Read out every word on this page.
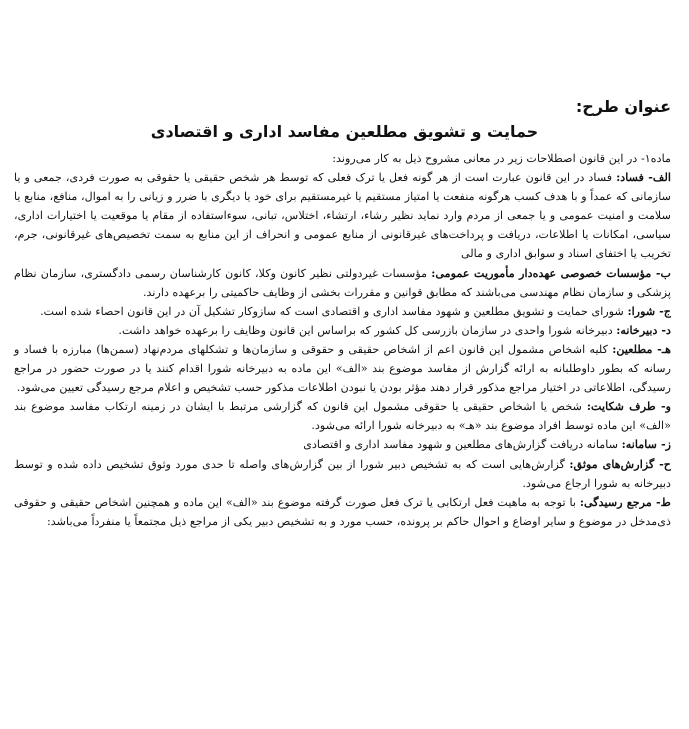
عنوان طرح:
حمایت و تشویق مطلعین مفاسد اداری و اقتصادی

ماده۱- در این قانون اصطلاحات زیر در معانی مشروح ذیل به کار می‌روند:

الف- فساد: فساد در این قانون عبارت است از هر گونه فعل یا ترک فعلی که توسط هر شخص حقیقی یا حقوقی به صورت فردی، جمعی و یا سازمانی که عمداً و با هدف کسب هرگونه منفعت یا امتیاز مستقیم یا غیرمستقیم برای خود یا دیگری با ضرر و زیانی را به اموال، منافع، منابع یا سلامت و امنیت عمومی و یا جمعی از مردم وارد نماید نظیر رشاء، ارتشاء، اختلاس، تبانی، سوءاستفاده از مقام یا موقعیت یا اختیارات اداری، سیاسی، امکانات یا اطلاعات، دریافت و پرداخت‌های غیرقانونی از منابع عمومی و انحراف از این منابع به سمت تخصیص‌های غیرقانونی، جرم، تخریب یا اختفای اسناد و سوابق اداری و مالی

ب- مؤسسات خصوصی عهده‌دار مأموریت عمومی: مؤسسات غیردولتی نظیر کانون وکلا، کانون کارشناسان رسمی دادگستری، سازمان نظام پزشکی و سازمان نظام مهندسی می‌باشند که مطابق قوانین و مقررات بخشی از وظایف حاکمیتی را برعهده دارند.

ج- شورا: شورای حمایت و تشویق مطلعین و شهود مفاسد اداری و اقتصادی است که سازوکار تشکیل آن در این قانون احصاء شده است.

د- دبیرخانه: دبیرخانه شورا واحدی در سازمان بازرسی کل کشور که براساس این قانون وظایف را برعهده خواهد داشت.

هـ- مطلعین: کلیه اشخاص مشمول این قانون اعم از اشخاص حقیقی و حقوقی و سازمان‌ها و تشکلهای مردم‌نهاد (سمن‌ها) مبارزه با فساد و رسانه که بطور داوطلبانه به ارائه گزارش از مفاسد موضوع بند «الف» این ماده به دبیرخانه شورا اقدام کنند یا در صورت حضور در مراجع رسیدگی، اطلاعاتی در اختیار مراجع مذکور قرار دهند مؤثر بودن یا نبودن اطلاعات مذکور حسب تشخیص و اعلام مرجع رسیدگی تعیین می‌شود.

و- طرف شکایت: شخص یا اشخاص حقیقی یا حقوقی مشمول این قانون که گزارشی مرتبط با ایشان در زمینه ارتکاب مفاسد موضوع بند «الف» این ماده توسط افراد موضوع بند «هـ» به دبیرخانه شورا ارائه می‌شود.

ز- سامانه: سامانه دریافت گزارش‌های مطلعین و شهود مفاسد اداری و اقتصادی

ح- گزارش‌های موثق: گزارش‌هایی است که به تشخیص دبیر شورا از بین گزارش‌های واصله تا حدی مورد وثوق تشخیص داده شده و توسط دبیرخانه به شورا ارجاع می‌شود.

ط- مرجع رسیدگی: با توجه به ماهیت فعل ارتکابی یا ترک فعل صورت گرفته موضوع بند «الف» این ماده و همچنین اشخاص حقیقی و حقوقی ذی‌مدخل در موضوع و سایر اوضاع و احوال حاکم بر پرونده، حسب مورد و به تشخیص دبیر یکی از مراجع ذیل مجتمعاً یا منفرداً می‌باشد:
